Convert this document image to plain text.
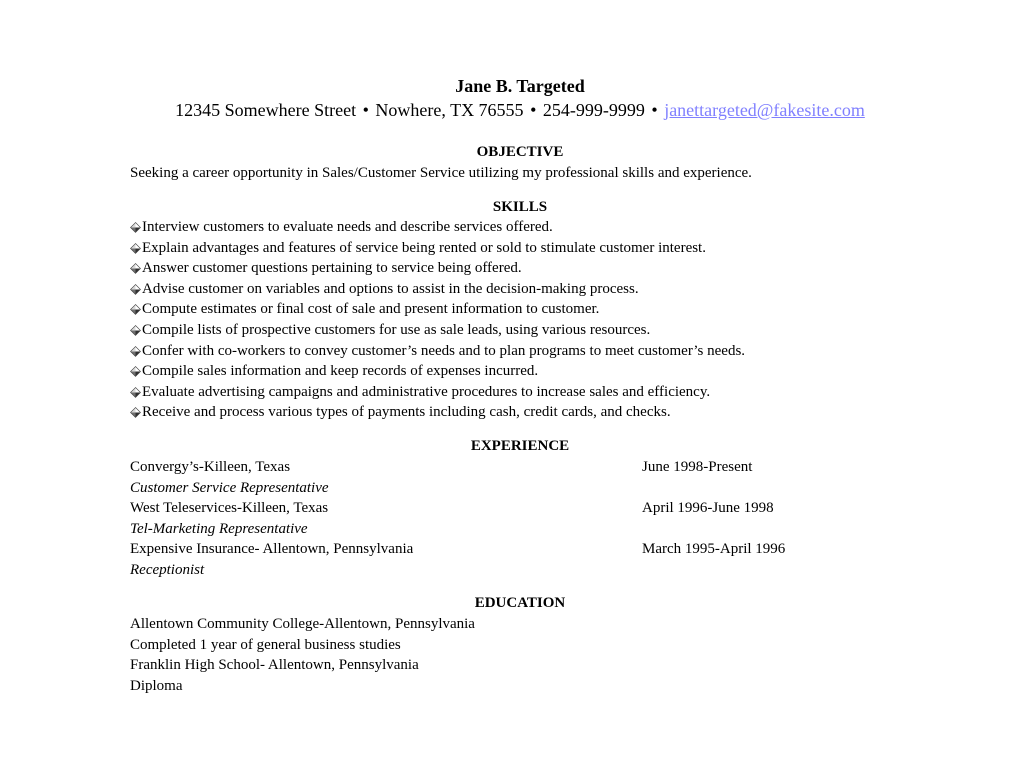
Jane B. Targeted
12345 Somewhere Street • Nowhere, TX 76555 • 254-999-9999 • janettargeted@fakesite.com
OBJECTIVE
Seeking a career opportunity in Sales/Customer Service utilizing my professional skills and experience.
SKILLS
Interview customers to evaluate needs and describe services offered.
Explain advantages and features of service being rented or sold to stimulate customer interest.
Answer customer questions pertaining to service being offered.
Advise customer on variables and options to assist in the decision-making process.
Compute estimates or final cost of sale and present information to customer.
Compile lists of prospective customers for use as sale leads, using various resources.
Confer with co-workers to convey customer’s needs and to plan programs to meet customer’s needs.
Compile sales information and keep records of expenses incurred.
Evaluate advertising campaigns and administrative procedures to increase sales and efficiency.
Receive and process various types of payments including cash, credit cards, and checks.
EXPERIENCE
Convergy’s-Killeen, Texas	June 1998-Present
Customer Service Representative
West Teleservices-Killeen, Texas	April 1996-June 1998
Tel-Marketing Representative
Expensive Insurance- Allentown, Pennsylvania	March 1995-April 1996
Receptionist
EDUCATION
Allentown Community College-Allentown, Pennsylvania
Completed 1 year of general business studies
Franklin High School- Allentown, Pennsylvania
Diploma
